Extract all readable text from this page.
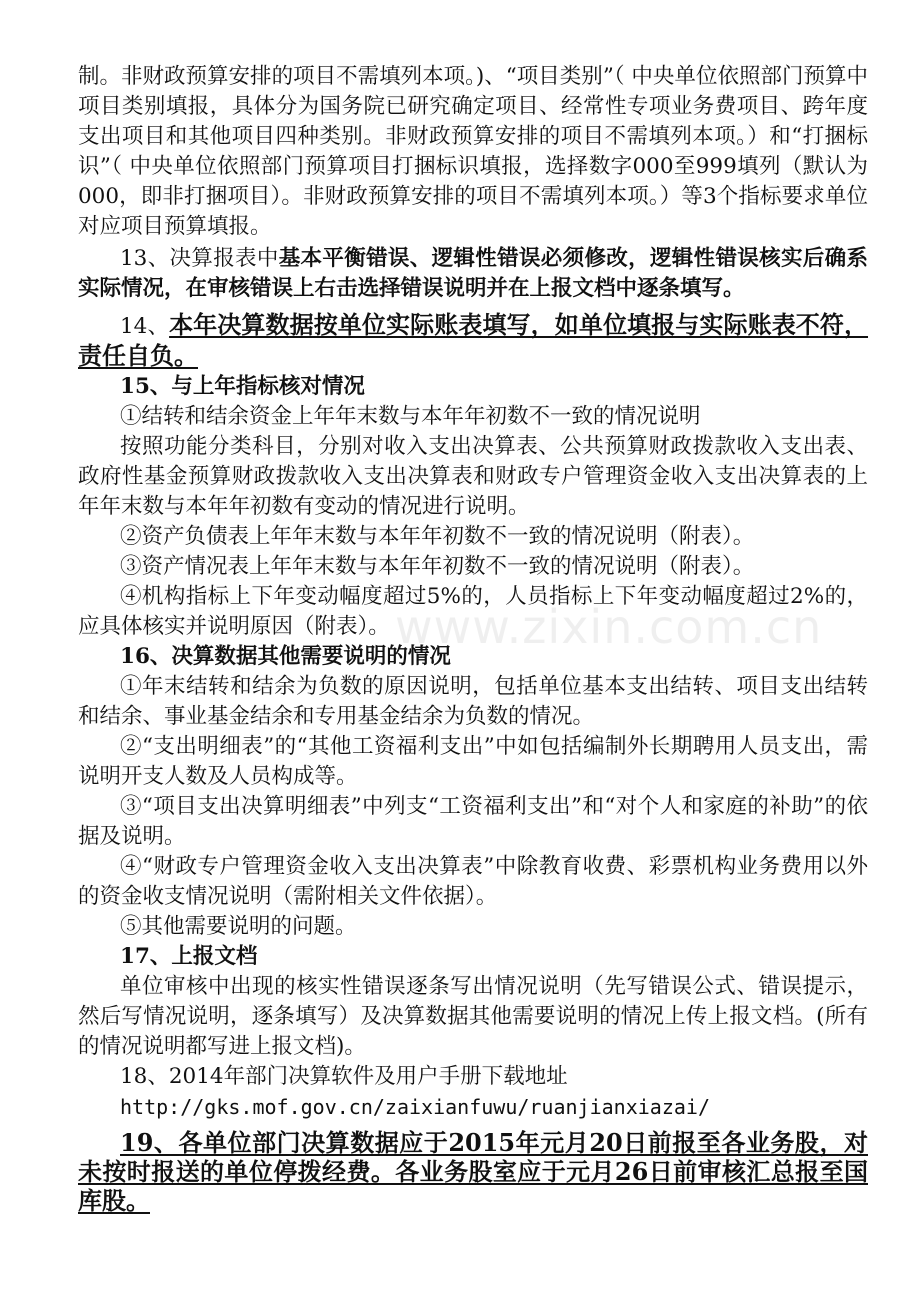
www.zixin.com.cn

制。非财政预算安排的项目不需填列本项。)、“项目类别”（ 中央单位依照部门预算中项目类别填报，具体分为国务院已研究确定项目、经常性专项业务费项目、跨年度支出项目和其他项目四种类别。非财政预算安排的项目不需填列本项。）和“打捆标识”（ 中央单位依照部门预算项目打捆标识填报，选择数字000至999填列（默认为000，即非打捆项目）。非财政预算安排的项目不需填列本项。）等3个指标要求单位对应项目预算填报。

13、决算报表中基本平衡错误、逻辑性错误必须修改，逻辑性错误核实后确系实际情况，在审核错误上右击选择错误说明并在上报文档中逐条填写。

14、本年决算数据按单位实际账表填写，如单位填报与实际账表不符，责任自负。

15、与上年指标核对情况

①结转和结余资金上年年末数与本年年初数不一致的情况说明

按照功能分类科目，分别对收入支出决算表、公共预算财政拨款收入支出表、政府性基金预算财政拨款收入支出决算表和财政专户管理资金收入支出决算表的上年年末数与本年年初数有变动的情况进行说明。

②资产负债表上年年末数与本年年初数不一致的情况说明（附表）。

③资产情况表上年年末数与本年年初数不一致的情况说明（附表）。

④机构指标上下年变动幅度超过5%的，人员指标上下年变动幅度超过2%的，应具体核实并说明原因（附表）。

16、决算数据其他需要说明的情况

①年末结转和结余为负数的原因说明，包括单位基本支出结转、项目支出结转和结余、事业基金结余和专用基金结余为负数的情况。

②“支出明细表”的“其他工资福利支出”中如包括编制外长期聘用人员支出，需说明开支人数及人员构成等。

③“项目支出决算明细表”中列支“工资福利支出”和“对个人和家庭的补助”的依据及说明。

④“财政专户管理资金收入支出决算表”中除教育收费、彩票机构业务费用以外的资金收支情况说明（需附相关文件依据）。

⑤其他需要说明的问题。

17、上报文档

单位审核中出现的核实性错误逐条写出情况说明（先写错误公式、错误提示，然后写情况说明，逐条填写）及决算数据其他需要说明的情况上传上报文档。(所有的情况说明都写进上报文档)。

18、2014年部门决算软件及用户手册下载地址

http://gks.mof.gov.cn/zaixianfuwu/ruanjianxiazai/

19、各单位部门决算数据应于2015年元月20日前报至各业务股，对未按时报送的单位停拨经费。各业务股室应于元月26日前审核汇总报至国库股。
